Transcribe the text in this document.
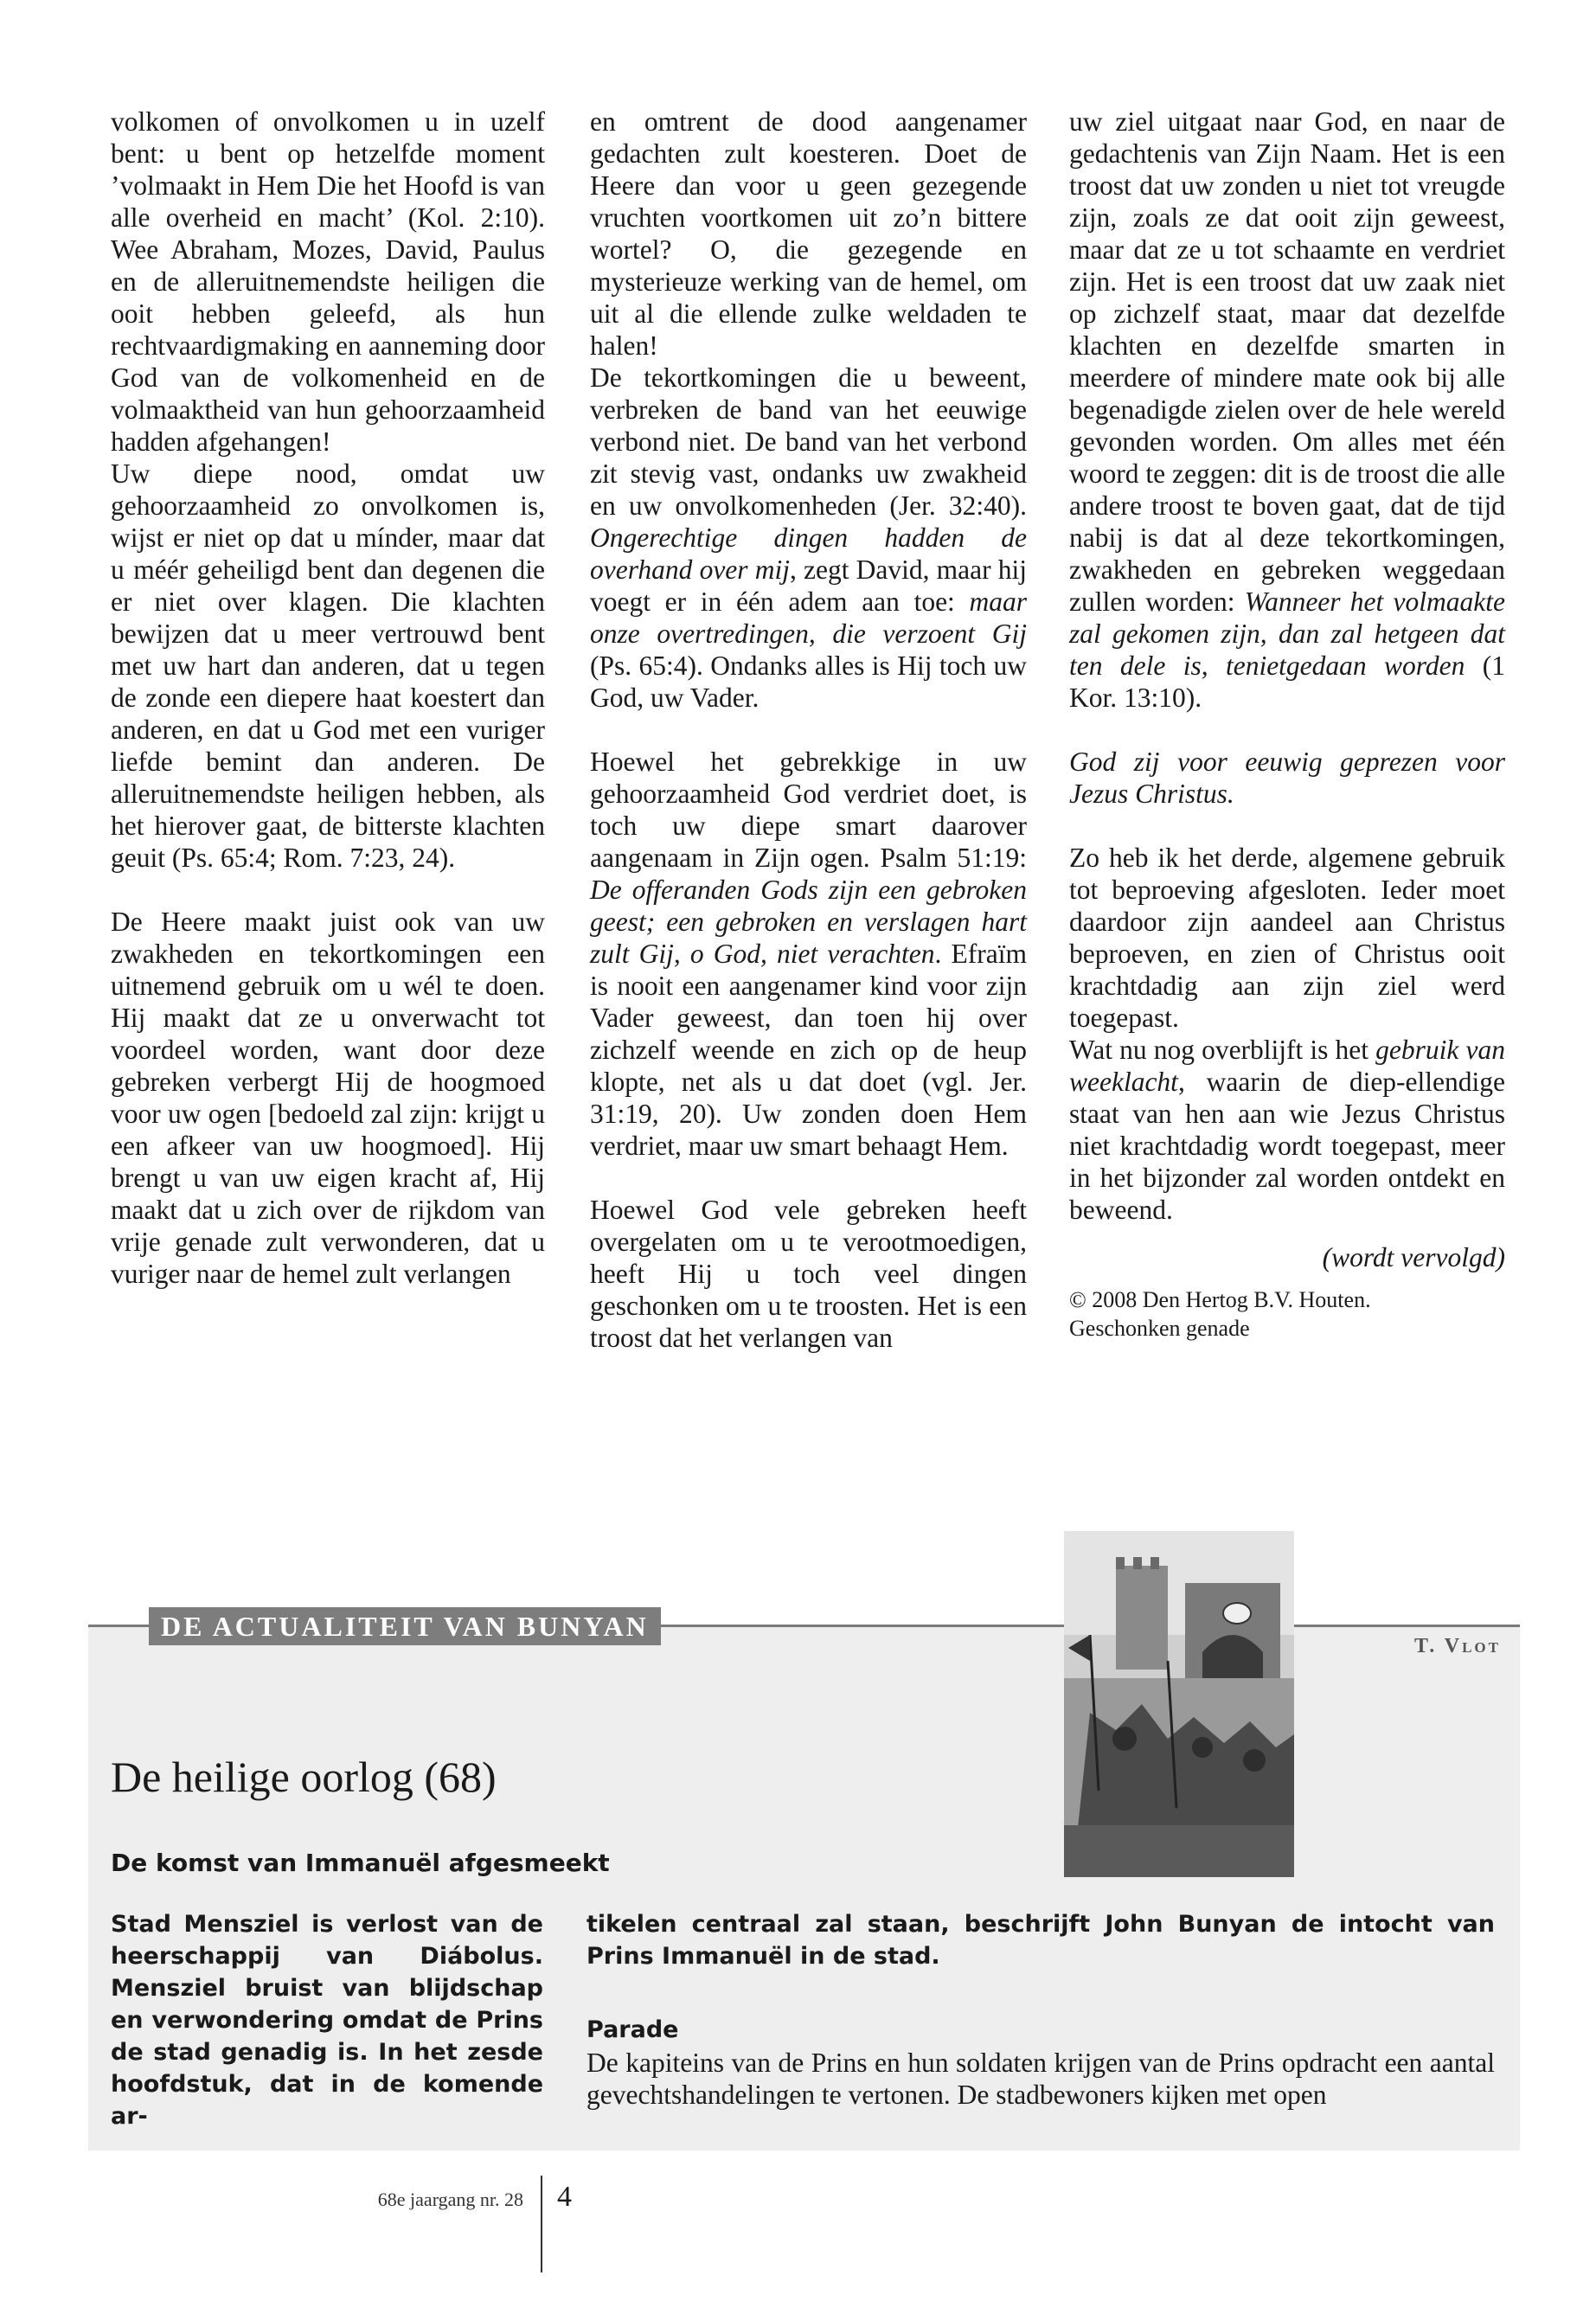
volkomen of onvolkomen u in uzelf bent: u bent op hetzelfde moment ’volmaakt in Hem Die het Hoofd is van alle overheid en macht’ (Kol. 2:10). Wee Abraham, Mozes, David, Paulus en de alleruitnemendste heiligen die ooit hebben geleefd, als hun rechtvaardigmaking en aanneming door God van de volkomenheid en de volmaaktheid van hun gehoorzaamheid hadden afgehangen!

Uw diepe nood, omdat uw gehoorzaamheid zo onvolkomen is, wijst er niet op dat u mínder, maar dat u méér geheiligd bent dan degenen die er niet over klagen. Die klachten bewijzen dat u meer vertrouwd bent met uw hart dan anderen, dat u tegen de zonde een diepere haat koestert dan anderen, en dat u God met een vuriger liefde bemint dan anderen. De alleruitnemendste heiligen hebben, als het hierover gaat, de bitterste klachten geuit (Ps. 65:4; Rom. 7:23, 24).

De Heere maakt juist ook van uw zwakheden en tekortkomingen een uitnemend gebruik om u wél te doen. Hij maakt dat ze u onverwacht tot voordeel worden, want door deze gebreken verbergt Hij de hoogmoed voor uw ogen [bedoeld zal zijn: krijgt u een afkeer van uw hoogmoed]. Hij brengt u van uw eigen kracht af, Hij maakt dat u zich over de rijkdom van vrije genade zult verwonderen, dat u vuriger naar de hemel zult verlangen

en omtrent de dood aangenamer gedachten zult koesteren. Doet de Heere dan voor u geen gezegende vruchten voortkomen uit zo’n bittere wortel? O, die gezegende en mysterieuze werking van de hemel, om uit al die ellende zulke weldaden te halen!

De tekortkomingen die u beweent, verbreken de band van het eeuwige verbond niet. De band van het verbond zit stevig vast, ondanks uw zwakheid en uw onvolkomenheden (Jer. 32:40). Ongerechtige dingen hadden de overhand over mij, zegt David, maar hij voegt er in één adem aan toe: maar onze overtredingen, die verzoent Gij (Ps. 65:4). Ondanks alles is Hij toch uw God, uw Vader.

Hoewel het gebrekkige in uw gehoorzaamheid God verdriet doet, is toch uw diepe smart daarover aangenaam in Zijn ogen. Psalm 51:19: De offeranden Gods zijn een gebroken geest; een gebroken en verslagen hart zult Gij, o God, niet verachten. Efraïm is nooit een aangenamer kind voor zijn Vader geweest, dan toen hij over zichzelf weende en zich op de heup klopte, net als u dat doet (vgl. Jer. 31:19, 20). Uw zonden doen Hem verdriet, maar uw smart behaagt Hem.

Hoewel God vele gebreken heeft overgelaten om u te verootmoedigen, heeft Hij u toch veel dingen geschonken om u te troosten. Het is een troost dat het verlangen van

uw ziel uitgaat naar God, en naar de gedachtenis van Zijn Naam. Het is een troost dat uw zonden u niet tot vreugde zijn, zoals ze dat ooit zijn geweest, maar dat ze u tot schaamte en verdriet zijn. Het is een troost dat uw zaak niet op zichzelf staat, maar dat dezelfde klachten en dezelfde smarten in meerdere of mindere mate ook bij alle begenadigde zielen over de hele wereld gevonden worden. Om alles met één woord te zeggen: dit is de troost die alle andere troost te boven gaat, dat de tijd nabij is dat al deze tekortkomingen, zwakheden en gebreken weggedaan zullen worden: Wanneer het volmaakte zal gekomen zijn, dan zal hetgeen dat ten dele is, tenietgedaan worden (1 Kor. 13:10).

God zij voor eeuwig geprezen voor Jezus Christus.

Zo heb ik het derde, algemene gebruik tot beproeving afgesloten. Ieder moet daardoor zijn aandeel aan Christus beproeven, en zien of Christus ooit krachtdadig aan zijn ziel werd toegepast.

Wat nu nog overblijft is het gebruik van weeklacht, waarin de diep-ellendige staat van hen aan wie Jezus Christus niet krachtdadig wordt toegepast, meer in het bijzonder zal worden ontdekt en beweend.

(wordt vervolgd)

© 2008 Den Hertog B.V. Houten.
Geschonken genade

DE ACTUALITEIT VAN BUNYAN
T. Vlot
De heilige oorlog (68)
De komst van Immanuël afgesmeekt
Stad Mensziel is verlost van de heerschappij van Diábolus. Mensziel bruist van blijdschap en verwondering omdat de Prins de stad genadig is. In het zesde hoofdstuk, dat in de komende ar-
tikelen centraal zal staan, beschrijft John Bunyan de intocht van Prins Immanuël in de stad.
Parade
De kapiteins van de Prins en hun soldaten krijgen van de Prins opdracht een aantal gevechtshandelingen te vertonen. De stadbewoners kijken met open
68e jaargang nr. 28 4
